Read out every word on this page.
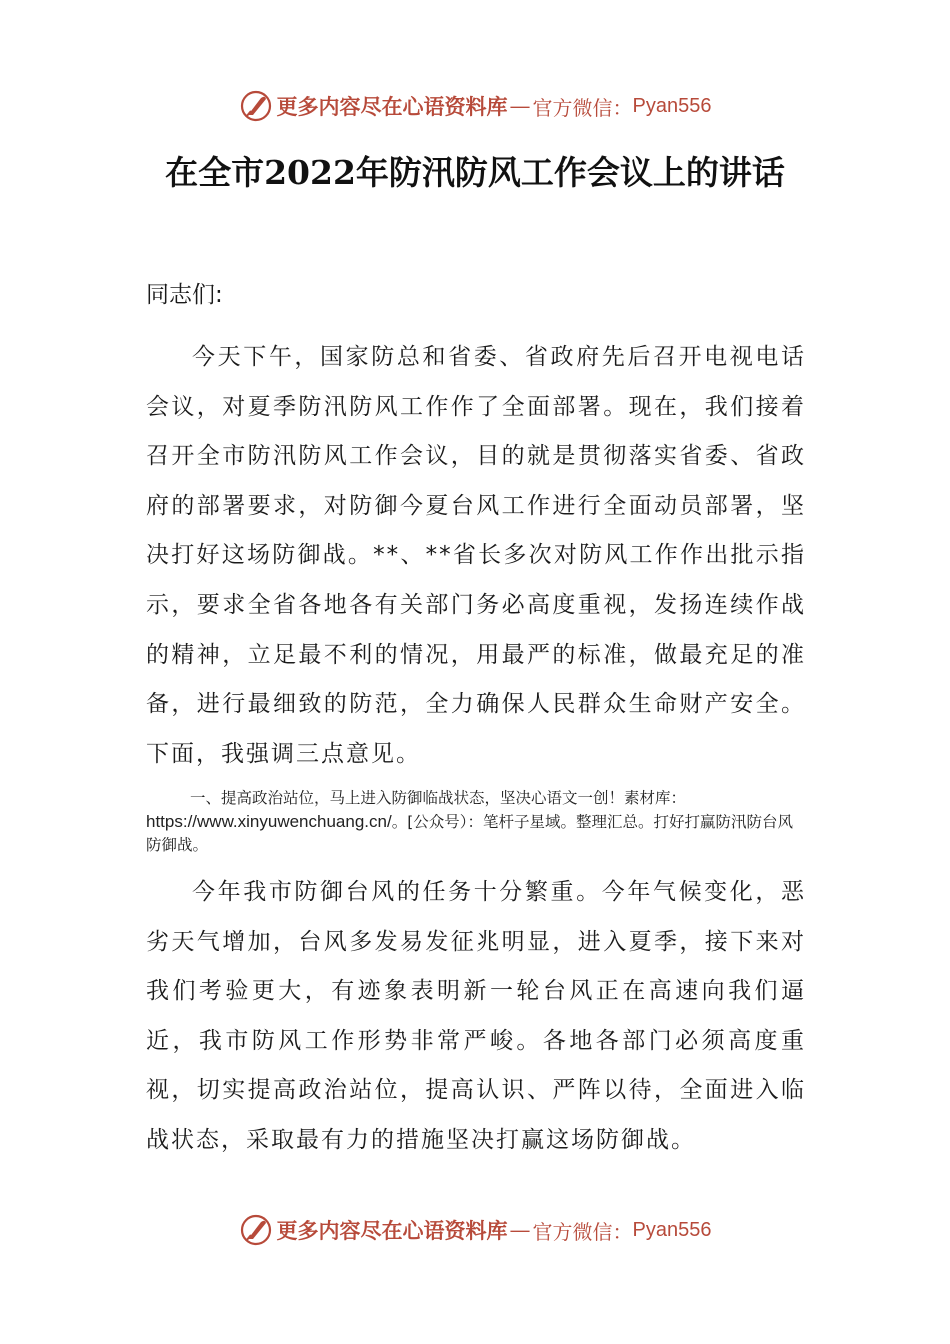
更多内容尽在心语资料库 — 官方微信： Pyan556
在全市2022年防汛防风工作会议上的讲话
同志们:
今天下午，国家防总和省委、省政府先后召开电视电话会议，对夏季防汛防风工作作了全面部署。现在，我们接着召开全市防汛防风工作会议，目的就是贯彻落实省委、省政府的部署要求，对防御今夏台风工作进行全面动员部署，坚决打好这场防御战。**、**省长多次对防风工作作出批示指示，要求全省各地各有关部门务必高度重视，发扬连续作战的精神，立足最不利的情况，用最严的标准，做最充足的准备，进行最细致的防范，全力确保人民群众生命财产安全。下面，我强调三点意见。
一、提高政治站位，马上进入防御临战状态，坚决心语文一创！素材库：https://www.xinyuwenchuang.cn/。[公众号）：笔杆子星域。整理汇总。打好打赢防汛防台风防御战。
今年我市防御台风的任务十分繁重。今年气候变化，恶劣天气增加，台风多发易发征兆明显，进入夏季，接下来对我们考验更大，有迹象表明新一轮台风正在高速向我们逼近，我市防风工作形势非常严峻。各地各部门必须高度重视，切实提高政治站位，提高认识、严阵以待，全面进入临战状态，采取最有力的措施坚决打赢这场防御战。
更多内容尽在心语资料库 — 官方微信： Pyan556
